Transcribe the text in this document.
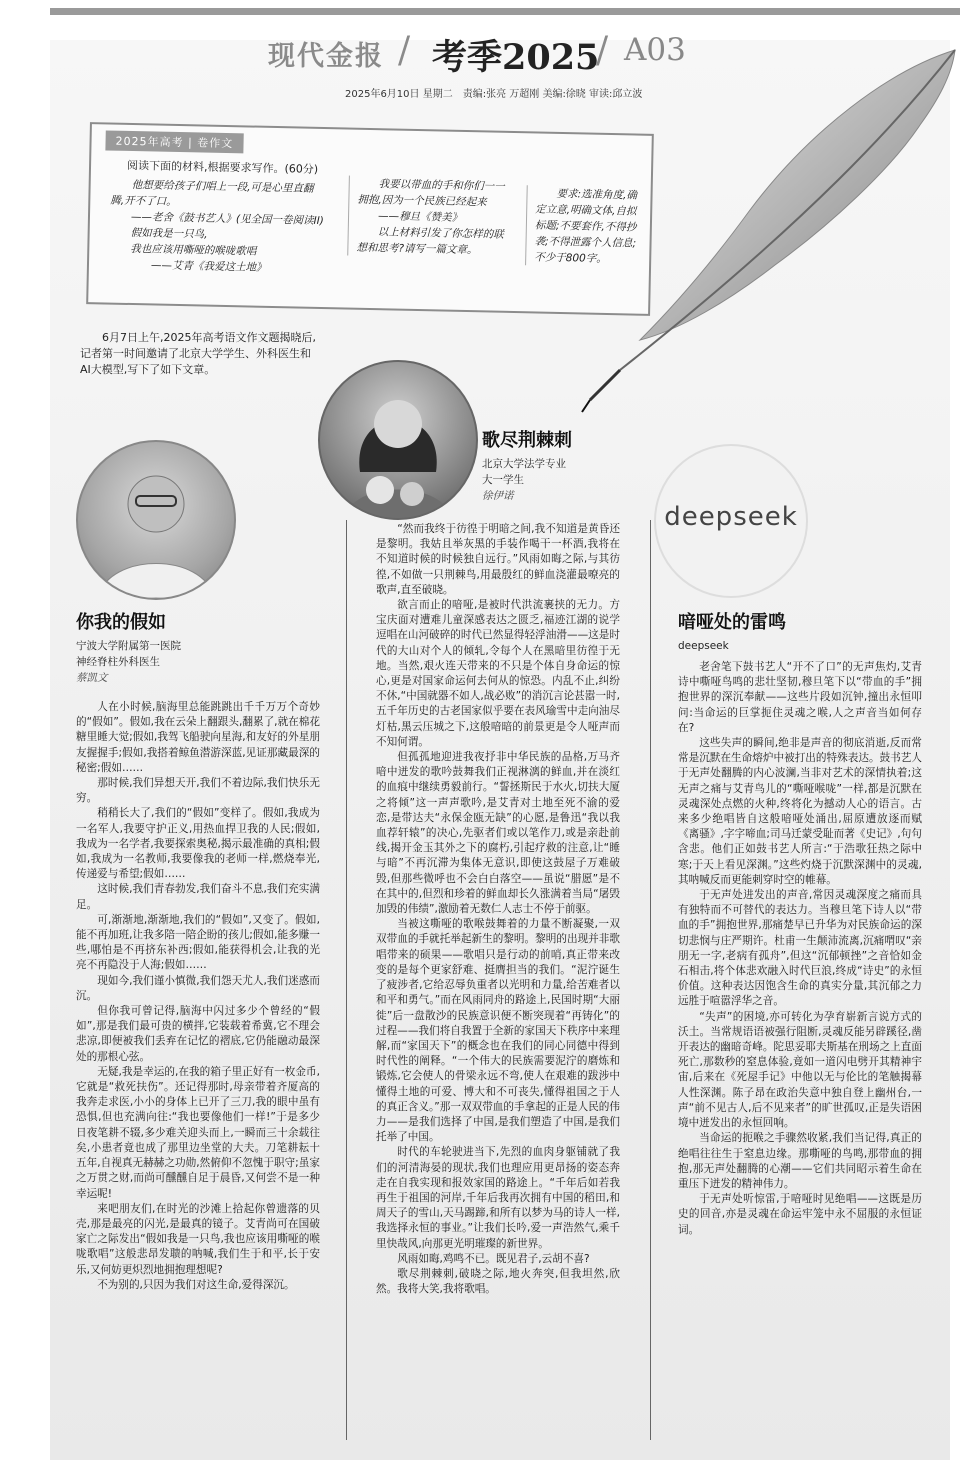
现代金报 / 考季2025
/ A03
2025年6月10日 星期二　责编:张亮 万超刚 美编:徐晓 审读:邱立波
2025年高考 | 卷作文
阅读下面的材料,根据要求写作。(60分)

他想要给孩子们唱上一段,可是心里直翻腾,开不了口。

——老舍《鼓书艺人》(见全国一卷阅读II)

假如我是一只鸟,

我也应该用嘶哑的喉咙歌唱

——艾青《我爱这土地》

我要以带血的手和你们一一拥抱,因为一个民族已经起来

——穆旦《赞美》

以上材料引发了你怎样的联想和思考?请写一篇文章。

要求:选准角度,确定立意,明确文体,自拟标题;不要套作,不得抄袭;不得泄露个人信息;不少于800字。

6月7日上午,2025年高考语文作文题揭晓后,记者第一时间邀请了北京大学学生、外科医生和AI大模型,写下了如下文章。
deepseek
你我的假如
宁波大学附属第一医院
神经脊柱外科医生
蔡凯文
歌尽荆棘刺
北京大学法学专业
大一学生
徐伊诺
喑哑处的雷鸣
deepseek

人在小时候,脑海里总能跳跳出千千万万个奇妙的“假如”。假如,我在云朵上翻跟头,翻累了,就在棉花糖里睡大觉;假如,我驾飞船驶向星海,和友好的外星朋友握握手;假如,我搭着鲸鱼潜游深蓝,见证那藏最深的秘密;假如……

那时候,我们异想天开,我们不着边际,我们快乐无穷。

稍稍长大了,我们的“假如”变样了。假如,我成为一名军人,我要守护正义,用热血捍卫我的人民;假如,我成为一名学者,我要探索奥秘,揭示最准确的真相;假如,我成为一名教师,我要像我的老师一样,燃烧奉光,传递爱与希望;假如……

这时候,我们青春勃发,我们奋斗不息,我们充实满足。

可,渐渐地,渐渐地,我们的“假如”,又变了。假如,能不再加班,让我多陪一陪企盼的孩儿;假如,能多赚一些,哪怕是不再挤东补西;假如,能获得机会,让我的光亮不再隐没于人海;假如……

现如今,我们谨小慎微,我们怨天尤人,我们迷惑而沉。

但你我可曾记得,脑海中闪过多少个曾经的“假如”,那是我们最可贵的横拌,它装载着希冀,它不理会悲凉,即便被我们丢弃在记忆的褶底,它仍能融动最深处的那根心弦。

无疑,我是幸运的,在我的箱子里正好有一枚金币,它就是“救死扶伤”。还记得那时,母亲带着齐厦高的我奔走求医,小小的身体上已开了三刀,我的眼中虽有恐惧,但也充满向往:“我也要像他们一样!”于是多少日夜笔耕不辍,多少难关迎头而上,一瞬而三十余载往矣,小患者竟也成了那里边坐堂的大夫。刀笔耕耘十五年,自视真无赫赫之功勋,然俯仰不忽愧于职守;虽家之万贯之财,而尚可醺醺自足于晨昏,又何尝不是一种幸运呢!

来吧朋友们,在时光的沙滩上拾起你曾遗落的贝壳,那是最亮的闪光,是最真的镜子。艾青尚可在国破家亡之际发出“假如我是一只鸟,我也应该用嘶哑的喉咙歌唱”这般悲昂发聩的呐喊,我们生于和平,长于安乐,又何妨更炽烈地拥抱理想呢?

不为别的,只因为我们对这生命,爱得深沉。

“然而我终于彷徨于明暗之间,我不知道是黄昏还是黎明。我姑且举灰黑的手装作喝干一杯酒,我将在不知道时候的时候独自远行。”风雨如晦之际,与其彷徨,不如做一只荆棘鸟,用最殷红的鲜血浇灌最嘹亮的歌声,直至破晓。

欲言而止的喑哑,是被时代洪流裹挟的无力。方宝庆面对遭难儿童深感表达之匮乏,福迹江湖的说学逗唱在山河破碎的时代已然显得轻浮油滑——这是时代的大山对个人的倾轧,令每个人在黑暗里彷徨于无地。当然,艰火连天带来的不只是个体自身命运的惊心,更是对国家命运何去何从的惊恐。内乱不止,纠纷不休,“中国就器不如人,战必败”的消沉言论甚嚣一时,五千年历史的古老国家似乎要在表风瑜雪中走向油尽灯枯,黑云压城之下,这般喑暗的前景更是令人哑声而不知何谓。

但孤孤地迎进我夜抒非中华民族的品格,万马齐喑中迸发的歌吟鼓舞我们正视淋漓的鲜血,并在淡红的血痕中继续勇毅前行。“誓拯斯民于水火,切扶大厦之将倾”这一声声歌吟,是艾青对土地至死不渝的爱恋,是带达夫“永保金瓯无缺”的心愿,是鲁迅“我以我血荐轩辕”的决心,先驱者们或以笔作刀,或是亲赴前线,揭开金玉其外之下的腐朽,引起疗救的注意,让“睡与暗”不再沉滞为集体无意识,即使这鼓屋子万难破毁,但那些微呼也不会白白落空——虽说“腊愿”是不在其中的,但烈和珍着的鲜血却长久涨满着当局“屠毁加毁的伟绩”,激励着无数仁人志士不停于前驱。

当被这嘶哑的歌喉鼓舞着的力量不断凝聚,一双双带血的手就托举起新生的黎明。黎明的出现并非歌唱带来的硕果——歌唱只是行动的前哨,真正带来改变的是每个更家舒难、挺膺担当的我们。“泥泞诞生了疲涉者,它给忍辱负重者以光明和力量,给苦难者以和平和勇气。”而在风雨同舟的路途上,民国时期“大丽徙”后一盘散沙的民族意识便不断突现着“再铸化”的过程——我们将自我置于全新的家国天下秩序中来理解,而“家国天下”的概念也在我们的同心同德中得到时代性的阐释。“一个伟大的民族需要泥泞的磨炼和锻炼,它会使人的骨梁永远不弯,使人在艰难的跋涉中懂得土地的可爱、博大和不可丧失,懂得祖国之于人的真正含义。”那一双双带血的手拿起的正是人民的伟力——是我们选择了中国,是我们塑造了中国,是我们托举了中国。

时代的车轮驶进当下,先烈的血肉身躯铺就了我们的河清海晏的现状,我们也理应用更昂扬的姿态奔走在自我实现和报效家国的路途上。“千年后如若我再生于祖国的河岸,千年后我再次拥有中国的稻田,和周天子的雪山,天马踢蹄,和所有以梦为马的诗人一样,我选择永恒的事业。”让我们长吟,爱一声浩然气,乘千里快哉风,向那更光明璀璨的新世界。

风雨如晦,鸡鸣不已。既见君子,云胡不喜?

歌尽荆棘刺,破晓之际,地火奔突,但我坦然,欣然。我将大笑,我将歌唱。

老舍笔下鼓书艺人“开不了口”的无声焦灼,艾青诗中嘶哑鸟鸣的悲壮坚韧,穆旦笔下以“带血的手”拥抱世界的深沉奉献——这些片段如沉钟,撞出永恒叩问:当命运的巨掌扼住灵魂之喉,人之声音当如何存在?

这些失声的瞬间,绝非是声音的彻底消逝,反而常常是沉默在生命熔炉中被打出的特殊表达。鼓书艺人于无声处翻腾的内心波澜,当非对艺术的深情执着;这无声之痛与艾青鸟儿的“嘶哑喉咙”一样,都是沉默在灵魂深处点燃的火种,终将化为撼动人心的语言。古来多少绝唱皆自这般喑哑处涌出,屈原遭放逐而赋《离骚》,字字啼血;司马迁蒙受耻而著《史记》,句句含悲。他们正如鼓书艺人所言:“于浩歌狂热之际中寒;于天上看见深渊。”这些灼烧于沉默深渊中的灵魂,其呐喊反而更能刺穿时空的帷幕。

于无声处进发出的声音,常因灵魂深度之痛而具有独特而不可替代的表达力。当穆旦笔下诗人以“带血的手”拥抱世界,那痛楚早已升华为对民族命运的深切悲悯与庄严期许。杜甫一生颠沛流离,沉痛喟叹“亲朋无一字,老病有孤舟”,但这“沉郁顿挫”之音恰如金石相击,将个体悲欢融入时代巨浪,终成“诗史”的永恒价值。这种表达因饱含生命的真实分量,其沉郁之力远胜于喧嚣浮华之音。

“失声”的困境,亦可转化为孕育崭新言说方式的沃土。当常规语语被强行阻断,灵魂反能另辟蹊径,凿开表达的幽暗奇峰。陀思妥耶夫斯基在刑场之上直面死亡,那数秒的窒息体验,竟如一道闪电劈开其精神宇宙,后来在《死屋手记》中他以无与伦比的笔触揭幕人性深渊。陈子昂在政治失意中独自登上幽州台,一声“前不见古人,后不见来者”的旷世孤叹,正是失语困境中迸发出的永恒回响。

当命运的扼喉之手骤然收紧,我们当记得,真正的绝唱往往生于窒息边缘。那嘶哑的鸟鸣,那带血的拥抱,那无声处翻腾的心潮——它们共同昭示着生命在重压下迸发的精神伟力。

于无声处听惊雷,于喑哑时见绝唱——这既是历史的回音,亦是灵魂在命运牢笼中永不屈服的永恒证词。
